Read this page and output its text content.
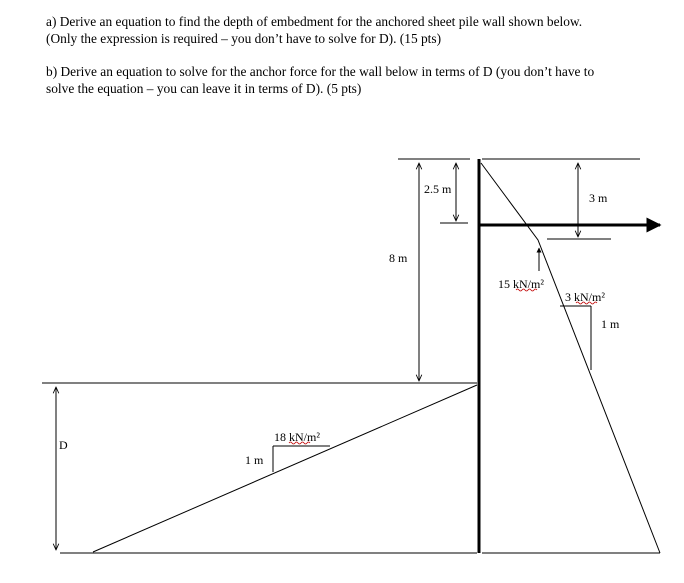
a) Derive an equation to find the depth of embedment for the anchored sheet pile wall shown below.
(Only the expression is required – you don’t have to solve for D). (15 pts)
b) Derive an equation to solve for the anchor force for the wall below in terms of D (you don’t have to
solve the equation – you can leave it in terms of D). (5 pts)
2.5 m
8 m
3 m
D
15 kN/m²
3 kN/m²
1 m
18 kN/m²
1 m
